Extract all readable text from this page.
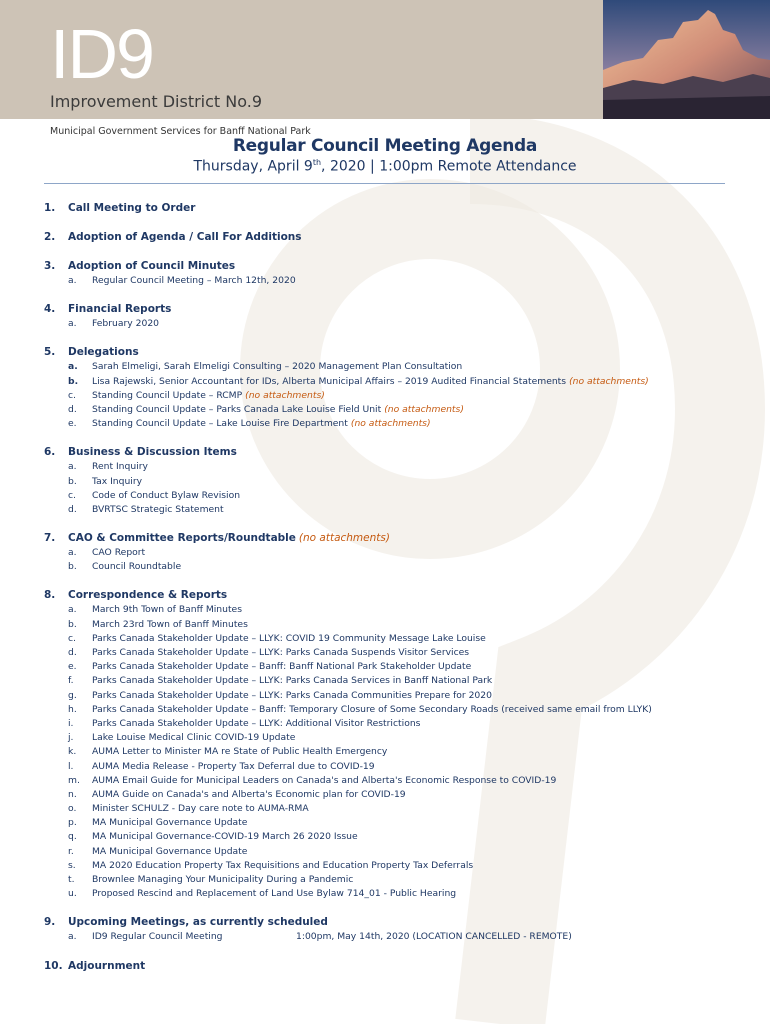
ID9
Improvement District No.9
Municipal Government Services for Banff National Park
Regular Council Meeting Agenda
Thursday, April 9th, 2020 | 1:00pm Remote Attendance
1.	Call Meeting to Order
2.	Adoption of Agenda / Call For Additions
3.	Adoption of Council Minutes
a.	Regular Council Meeting – March 12th, 2020
4.	Financial Reports
a.	February 2020
5.	Delegations
a.	Sarah Elmeligi, Sarah Elmeligi Consulting – 2020 Management Plan Consultation
b.	Lisa Rajewski, Senior Accountant for IDs, Alberta Municipal Affairs – 2019 Audited Financial Statements (no attachments)
c.	Standing Council Update – RCMP (no attachments)
d.	Standing Council Update – Parks Canada Lake Louise Field Unit (no attachments)
e.	Standing Council Update – Lake Louise Fire Department (no attachments)
6.	Business & Discussion Items
a.	Rent Inquiry
b.	Tax Inquiry
c.	Code of Conduct Bylaw Revision
d.	BVRTSC Strategic Statement
7.	CAO & Committee Reports/Roundtable (no attachments)
a.	CAO Report
b.	Council Roundtable
8.	Correspondence & Reports
a.	March 9th Town of Banff Minutes
b.	March 23rd Town of Banff Minutes
c.	Parks Canada Stakeholder Update – LLYK: COVID 19 Community Message Lake Louise
d.	Parks Canada Stakeholder Update – LLYK: Parks Canada Suspends Visitor Services
e.	Parks Canada Stakeholder Update – Banff: Banff National Park Stakeholder Update
f.	Parks Canada Stakeholder Update – LLYK: Parks Canada Services in Banff National Park
g.	Parks Canada Stakeholder Update – LLYK: Parks Canada Communities Prepare for 2020
h.	Parks Canada Stakeholder Update – Banff: Temporary Closure of Some Secondary Roads (received same email from LLYK)
i.	Parks Canada Stakeholder Update – LLYK: Additional Visitor Restrictions
j.	Lake Louise Medical Clinic COVID-19 Update
k.	AUMA Letter to Minister MA re State of Public Health Emergency
l.	AUMA Media Release - Property Tax Deferral due to COVID-19
m.	AUMA Email Guide for Municipal Leaders on Canada's and Alberta's Economic Response to COVID-19
n.	AUMA Guide on Canada's and Alberta's Economic plan for COVID-19
o.	Minister SCHULZ - Day care note to AUMA-RMA
p.	MA Municipal Governance Update
q.	MA Municipal Governance-COVID-19 March 26 2020 Issue
r.	MA Municipal Governance Update
s.	MA 2020 Education Property Tax Requisitions and Education Property Tax Deferrals
t.	Brownlee Managing Your Municipality During a Pandemic
u.	Proposed Rescind and Replacement of Land Use Bylaw 714_01 - Public Hearing
9.	Upcoming Meetings, as currently scheduled
a.	ID9 Regular Council Meeting	1:00pm, May 14th, 2020 (LOCATION CANCELLED - REMOTE)
10. Adjournment
